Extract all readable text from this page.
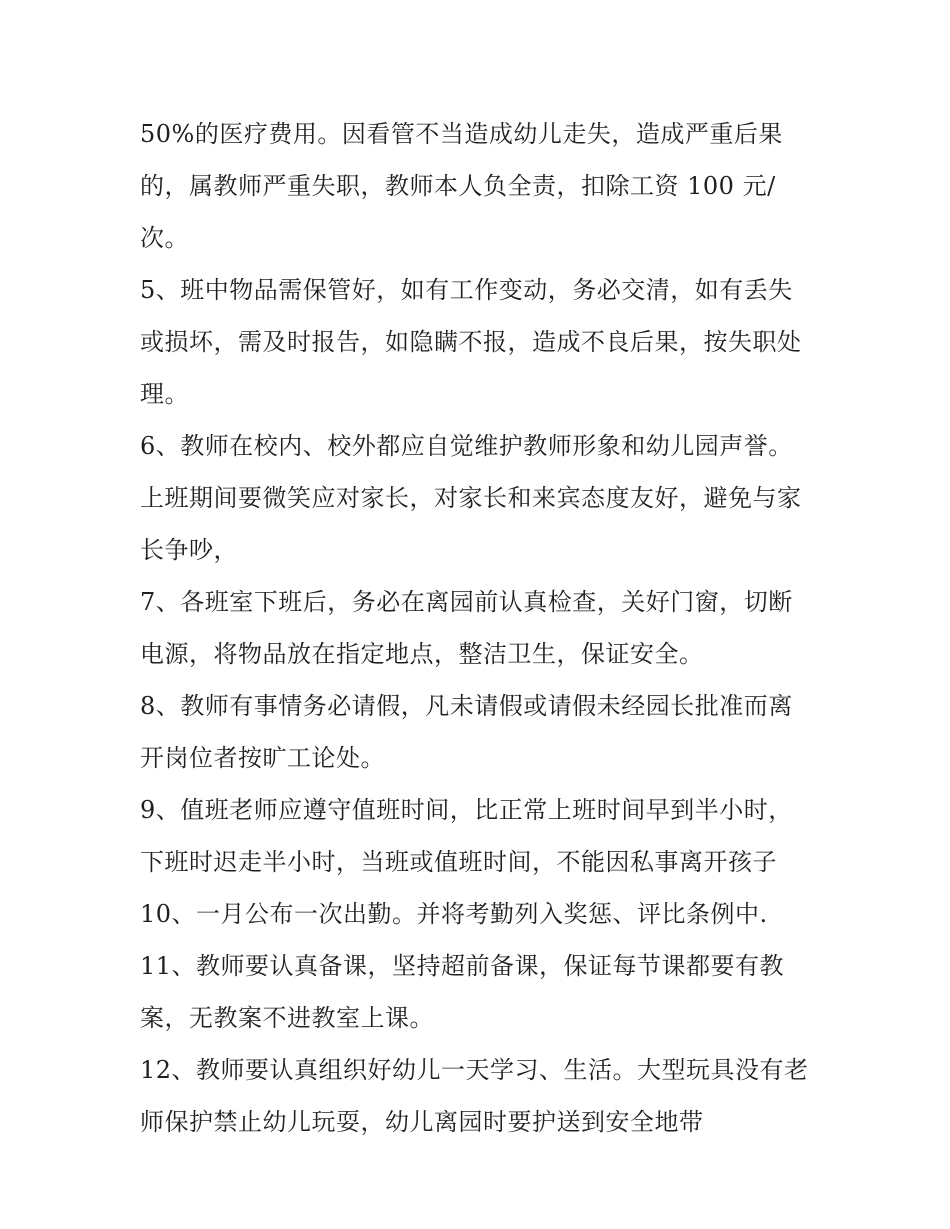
50%的医疗费用。因看管不当造成幼儿走失，造成严重后果
的，属教师严重失职，教师本人负全责，扣除工资 100 元/
次。
5、班中物品需保管好，如有工作变动，务必交清，如有丢失
或损坏，需及时报告，如隐瞒不报，造成不良后果，按失职处
理。
6、教师在校内、校外都应自觉维护教师形象和幼儿园声誉。
上班期间要微笑应对家长，对家长和来宾态度友好，避免与家
长争吵，
7、各班室下班后，务必在离园前认真检查，关好门窗，切断
电源，将物品放在指定地点，整洁卫生，保证安全。
8、教师有事情务必请假，凡未请假或请假未经园长批准而离
开岗位者按旷工论处。
9、值班老师应遵守值班时间，比正常上班时间早到半小时，
下班时迟走半小时，当班或值班时间，不能因私事离开孩子
10、一月公布一次出勤。并将考勤列入奖惩、评比条例中.
11、教师要认真备课，坚持超前备课，保证每节课都要有教
案，无教案不进教室上课。
12、教师要认真组织好幼儿一天学习、生活。大型玩具没有老
师保护禁止幼儿玩耍，幼儿离园时要护送到安全地带
